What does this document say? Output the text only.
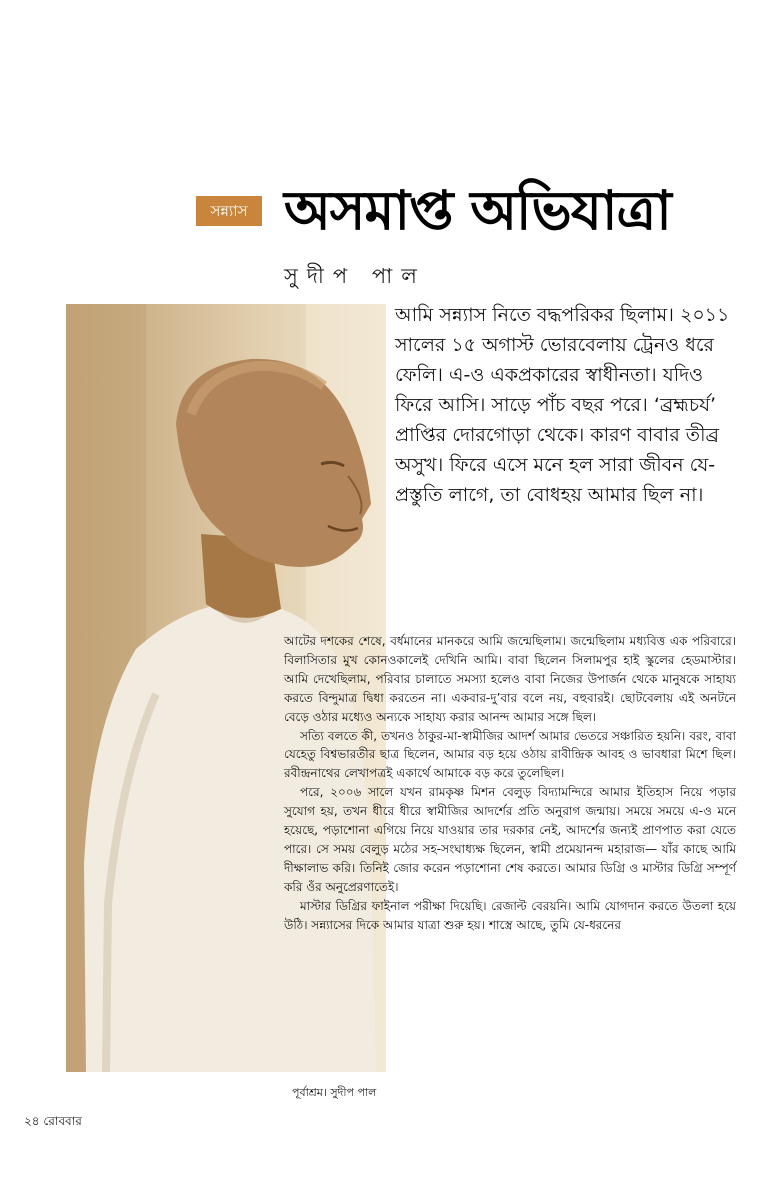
সন্ন্যাস অসমাপ্ত অভিযাত্রা
সুদীপ পাল
পূর্বাশ্রম। সুদীপ পাল

আমি সন্ন্যাস নিতে বদ্ধপরিকর ছিলাম। ২০১১ সালের ১৫ অগাস্ট ভোরবেলায় ট্রেনও ধরে ফেলি। এ-ও একপ্রকারের স্বাধীনতা। যদিও ফিরে আসি। সাড়ে পাঁচ বছর পরে। ‘ব্রহ্মচর্য’ প্রাপ্তির দোরগোড়া থেকে। কারণ বাবার তীব্র অসুখ। ফিরে এসে মনে হল সারা জীবন যে-প্রস্তুতি লাগে, তা বোধহয় আমার ছিল না।

আটের দশকের শেষে, বর্ধমানের মানকরে আমি জন্মেছিলাম। জন্মেছিলাম মধ্যবিত্ত এক পরিবারে। বিলাসিতার মুখ কোনওকালেই দেখিনি আমি। বাবা ছিলেন সিলামপুর হাই স্কুলের হেডমাস্টার। আমি দেখেছিলাম, পরিবার চালাতে সমস্যা হলেও বাবা নিজের উপার্জন থেকে মানুষকে সাহায্য করতে বিন্দুমাত্র দ্বিধা করতেন না। একবার-দু’বার বলে নয়, বহুবারই। ছোটবেলায় এই অনটনে বেড়ে ওঠার মধ্যেও অন্যকে সাহায্য করার আনন্দ আমার সঙ্গে ছিল।

সত্যি বলতে কী, তখনও ঠাকুর-মা-স্বামীজির আদর্শ আমার ভেতরে সঞ্চারিত হয়নি। বরং, বাবা যেহেতু বিশ্বভারতীর ছাত্র ছিলেন, আমার বড় হয়ে ওঠায় রাবীন্দ্রিক আবহ ও ভাবধারা মিশে ছিল। রবীন্দ্রনাথের লেখাপত্রই একার্থে আমাকে বড় করে তুলেছিল।

পরে, ২০০৬ সালে যখন রামকৃষ্ণ মিশন বেলুড় বিদ্যামন্দিরে আমার ইতিহাস নিয়ে পড়ার সুযোগ হয়, তখন ধীরে ধীরে স্বামীজির আদর্শের প্রতি অনুরাগ জন্মায়। সময়ে সময়ে এ-ও মনে হয়েছে, পড়াশোনা এগিয়ে নিয়ে যাওয়ার তার দরকার নেই, আদর্শের জন্যই প্রাণপাত করা যেতে পারে। সে সময় বেলুড় মঠের সহ-সংঘাধ্যক্ষ ছিলেন, স্বামী প্রমেয়ানন্দ মহারাজ— যাঁর কাছে আমি দীক্ষালাভ করি। তিনিই জোর করেন পড়াশোনা শেষ করতে। আমার ডিগ্রি ও মাস্টার ডিগ্রি সম্পূর্ণ করি ওঁর অনুপ্রেরণাতেই।

মাস্টার ডিগ্রির ফাইনাল পরীক্ষা দিয়েছি। রেজাল্ট বেরয়নি। আমি যোগদান করতে উতলা হয়ে উঠি। সন্ন্যাসের দিকে আমার যাত্রা শুরু হয়। শাস্ত্রে আছে, তুমি যে-ধরনের

২৪ রোববার
